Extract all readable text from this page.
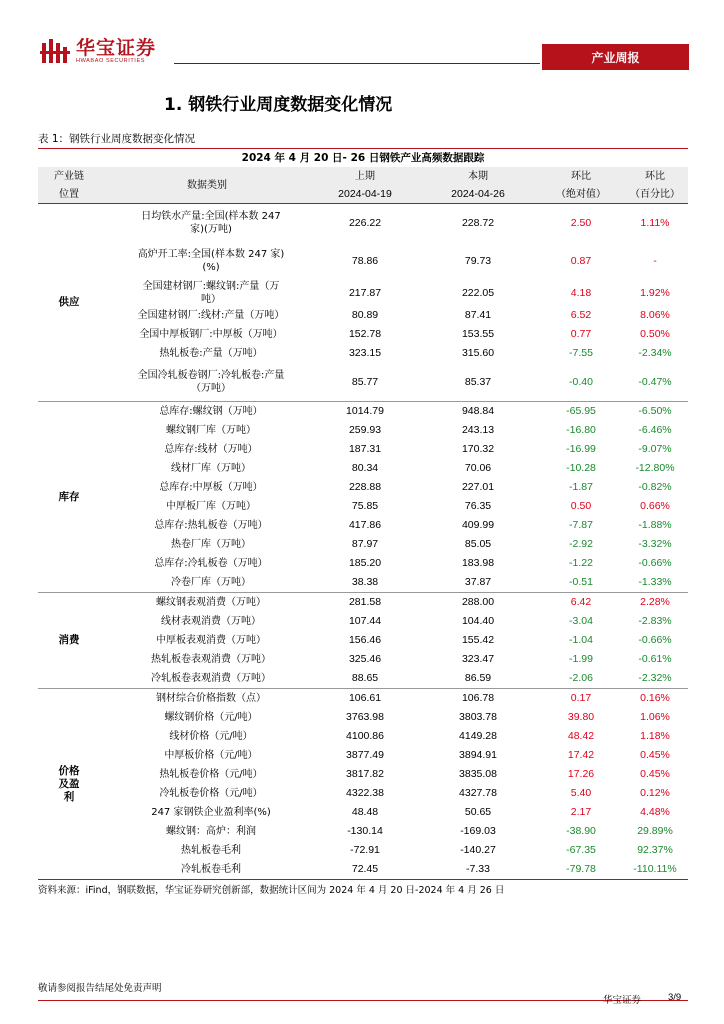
华宝证券
HWABAO SECURITIES	产业周报
1. 钢铁行业周度数据变化情况
表 1：钢铁行业周度数据变化情况
2024 年 4 月 20 日- 26 日钢铁产业高频数据跟踪					
产业链	数据类别	上期	本期	环比	环比
位置		2024-04-19	2024-04-26	（绝对值）	（百分比）
供应	日均铁水产量:全国(样本数 247 家)(万吨)	226.22	228.72	2.50	1.11%
	高炉开工率:全国(样本数 247 家)(%)	78.86	79.73	0.87	-
	全国建材钢厂:螺纹钢:产量（万吨）	217.87	222.05	4.18	1.92%
	全国建材钢厂:线材:产量（万吨）	80.89	87.41	6.52	8.06%
	全国中厚板钢厂:中厚板（万吨）	152.78	153.55	0.77	0.50%
	热轧板卷:产量（万吨）	323.15	315.60	-7.55	-2.34%
	全国冷轧板卷钢厂:冷轧板卷:产量（万吨）	85.77	85.37	-0.40	-0.47%
库存	总库存:螺纹钢（万吨）	1014.79	948.84	-65.95	-6.50%
	螺纹钢厂库（万吨）	259.93	243.13	-16.80	-6.46%
	总库存:线材（万吨）	187.31	170.32	-16.99	-9.07%
	线材厂库（万吨）	80.34	70.06	-10.28	-12.80%
	总库存:中厚板（万吨）	228.88	227.01	-1.87	-0.82%
	中厚板厂库（万吨）	75.85	76.35	0.50	0.66%
	总库存:热轧板卷（万吨）	417.86	409.99	-7.87	-1.88%
	热卷厂库（万吨）	87.97	85.05	-2.92	-3.32%
	总库存:冷轧板卷（万吨）	185.20	183.98	-1.22	-0.66%
	冷卷厂库（万吨）	38.38	37.87	-0.51	-1.33%
消费	螺纹钢表观消费（万吨）	281.58	288.00	6.42	2.28%
	线材表观消费（万吨）	107.44	104.40	-3.04	-2.83%
	中厚板表观消费（万吨）	156.46	155.42	-1.04	-0.66%
	热轧板卷表观消费（万吨）	325.46	323.47	-1.99	-0.61%
	冷轧板卷表观消费（万吨）	88.65	86.59	-2.06	-2.32%
价格及盈利	钢材综合价格指数（点）	106.61	106.78	0.17	0.16%
	螺纹钢价格（元/吨）	3763.98	3803.78	39.80	1.06%
	线材价格（元/吨）	4100.86	4149.28	48.42	1.18%
	中厚板价格（元/吨）	3877.49	3894.91	17.42	0.45%
	热轧板卷价格（元/吨）	3817.82	3835.08	17.26	0.45%
	冷轧板卷价格（元/吨）	4322.38	4327.78	5.40	0.12%
	247 家钢铁企业盈利率(%)	48.48	50.65	2.17	4.48%
	螺纹钢：高炉：利润	-130.14	-169.03	-38.90	29.89%
	热轧板卷毛利	-72.91	-140.27	-67.35	92.37%
	冷轧板卷毛利	72.45	-7.33	-79.78	-110.11%
资料来源：iFind，钢联数据，华宝证券研究创新部，数据统计区间为 2024 年 4 月 20 日-2024 年 4 月 26 日
敬请参阅报告结尾处免责声明
华宝证券	3/9
